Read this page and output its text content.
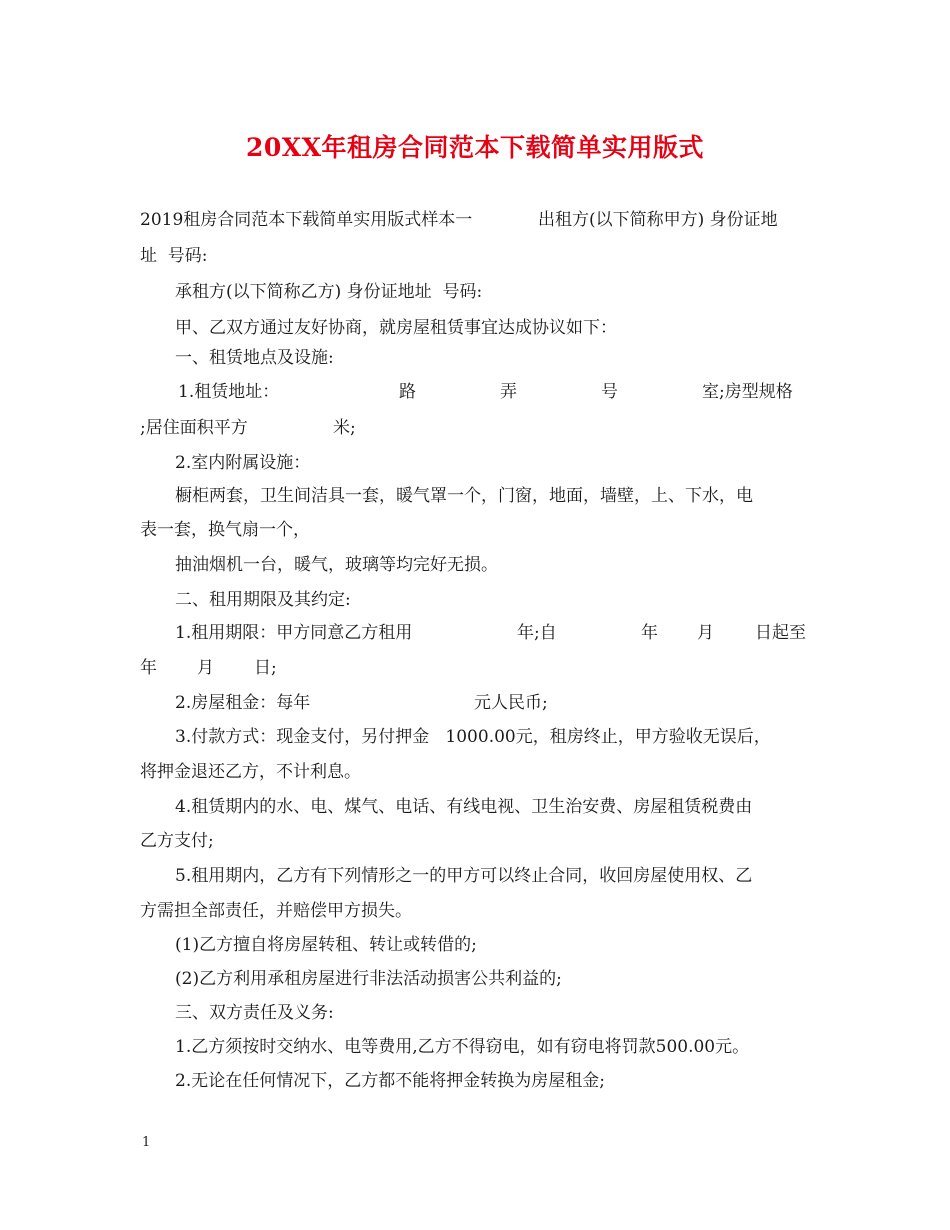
20XX年租房合同范本下载简单实用版式
2019租房合同范本下载简单实用版式样本一	出租方(以下简称甲方) 身份证地
址  号码:
承租方(以下简称乙方) 身份证地址  号码:
甲、乙双方通过友好协商，就房屋租赁事宜达成协议如下：
一、租赁地点及设施:
1.租赁地址：	路	弄	号	室;房型规格
;居住面积平方	米;
2.室内附属设施：
橱柜两套，卫生间洁具一套，暖气罩一个，门窗，地面，墙壁，上、下水，电
表一套，换气扇一个，
抽油烟机一台，暖气，玻璃等均完好无损。
二、租用期限及其约定:
1.租用期限：甲方同意乙方租用	年;自	年 月 日起至
年 月 日;
2.房屋租金：每年	元人民币;
3.付款方式：现金支付，另付押金   1000.00元，租房终止，甲方验收无误后，
将押金退还乙方，不计利息。
4.租赁期内的水、电、煤气、电话、有线电视、卫生治安费、房屋租赁税费由
乙方支付;
5.租用期内，乙方有下列情形之一的甲方可以终止合同，收回房屋使用权、乙
方需担全部责任，并赔偿甲方损失。
(1)乙方擅自将房屋转租、转让或转借的;
(2)乙方利用承租房屋进行非法活动损害公共利益的;
三、双方责任及义务:
1.乙方须按时交纳水、电等费用,乙方不得窃电，如有窃电将罚款500.00元。
2.无论在任何情况下，乙方都不能将押金转换为房屋租金;
1
